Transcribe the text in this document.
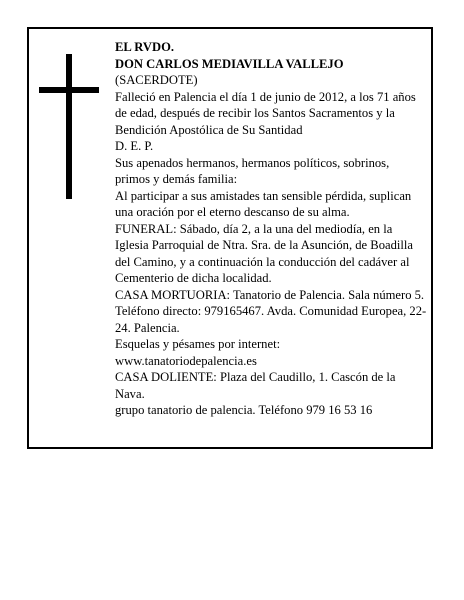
EL RVDO.

DON CARLOS MEDIAVILLA VALLEJO

(SACERDOTE)

Falleció en Palencia el día 1 de junio de 2012, a los 71 años de edad, después de recibir los Santos Sacramentos y la Bendición Apostólica de Su Santidad

D. E. P.

Sus apenados hermanos, hermanos políticos, sobrinos, primos y demás familia:

Al participar a sus amistades tan sensible pérdida, suplican una oración por el eterno descanso de su alma.

FUNERAL: Sábado, día 2, a la una del mediodía, en la Iglesia Parroquial de Ntra. Sra. de la Asunción, de Boadilla del Camino, y a continuación la conducción del cadáver al Cementerio de dicha localidad.

CASA MORTUORIA: Tanatorio de Palencia. Sala número 5. Teléfono directo: 979165467. Avda. Comunidad Europea, 22-24. Palencia.

Esquelas y pésames por internet:

www.tanatoriodepalencia.es

CASA DOLIENTE: Plaza del Caudillo, 1. Cascón de la Nava.

grupo tanatorio de palencia. Teléfono 979 16 53 16
